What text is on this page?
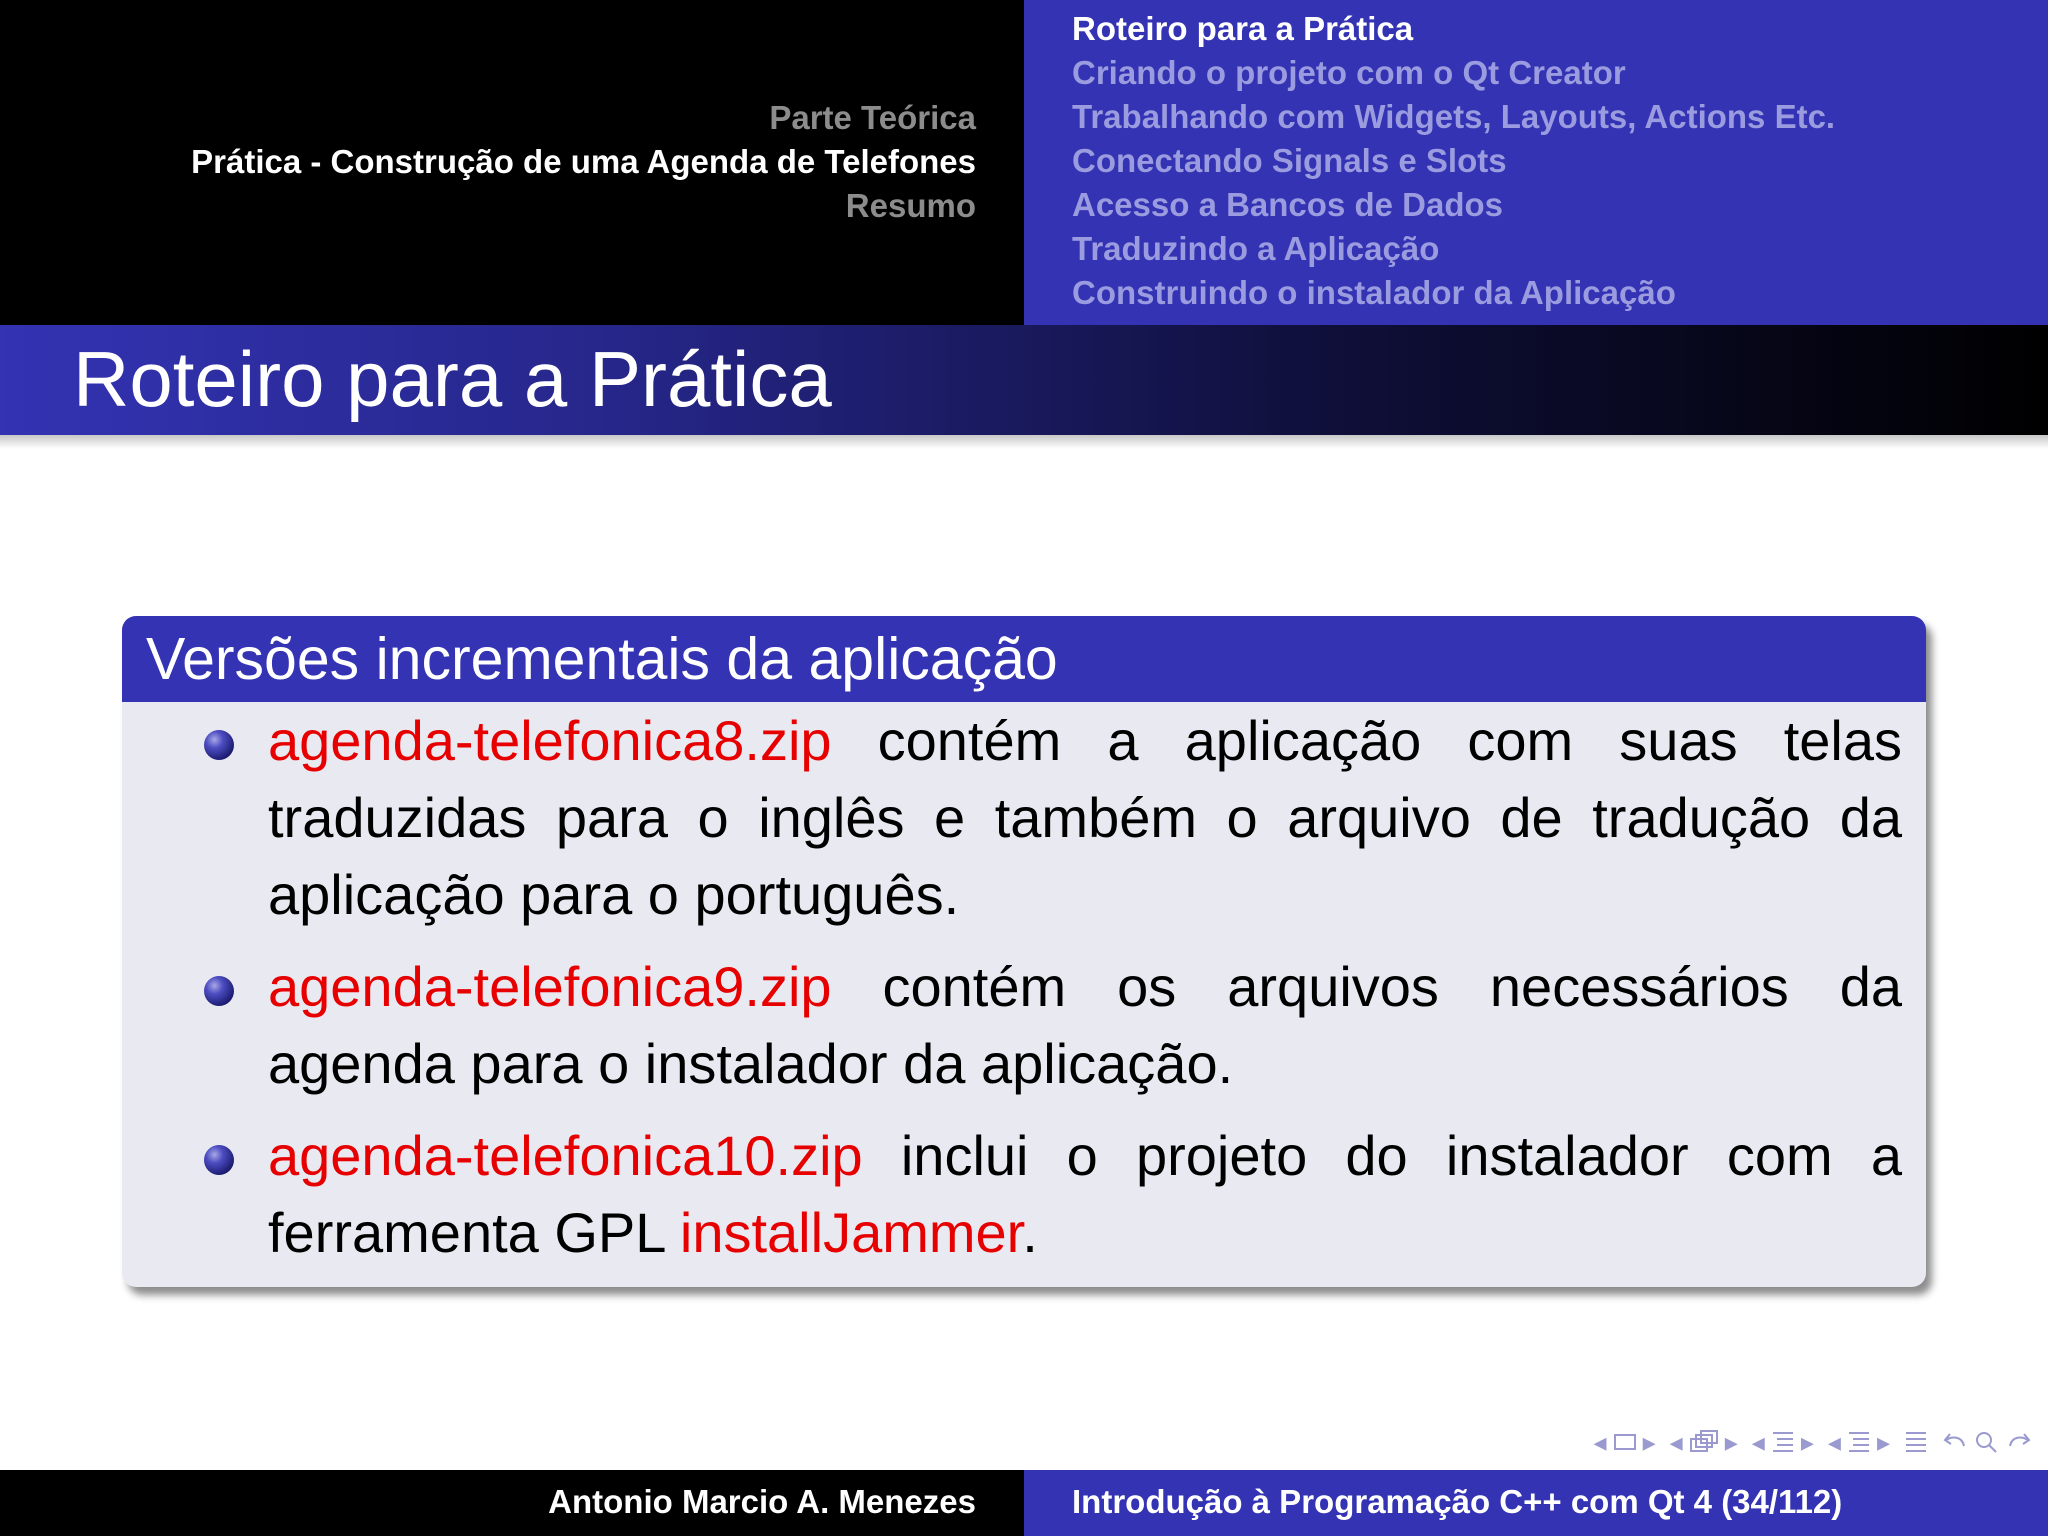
Parte Teórica
Prática - Construção de uma Agenda de Telefones
Resumo
Roteiro para a Prática
Criando o projeto com o Qt Creator
Trabalhando com Widgets, Layouts, Actions Etc.
Conectando Signals e Slots
Acesso a Bancos de Dados
Traduzindo a Aplicação
Construindo o instalador da Aplicação
Roteiro para a Prática
Versões incrementais da aplicação
agenda-telefonica8.zip contém a aplicação com suas telas traduzidas para o inglês e também o arquivo de tradução da aplicação para o português.
agenda-telefonica9.zip contém os arquivos necessários da agenda para o instalador da aplicação.
agenda-telefonica10.zip inclui o projeto do instalador com a ferramenta GPL installJammer.
◂ ▸ ◂ ▸ ◂ ▸ ◂ ▸
Antonio Marcio A. Menezes	Introdução à Programação C++ com Qt 4 (34/112)
